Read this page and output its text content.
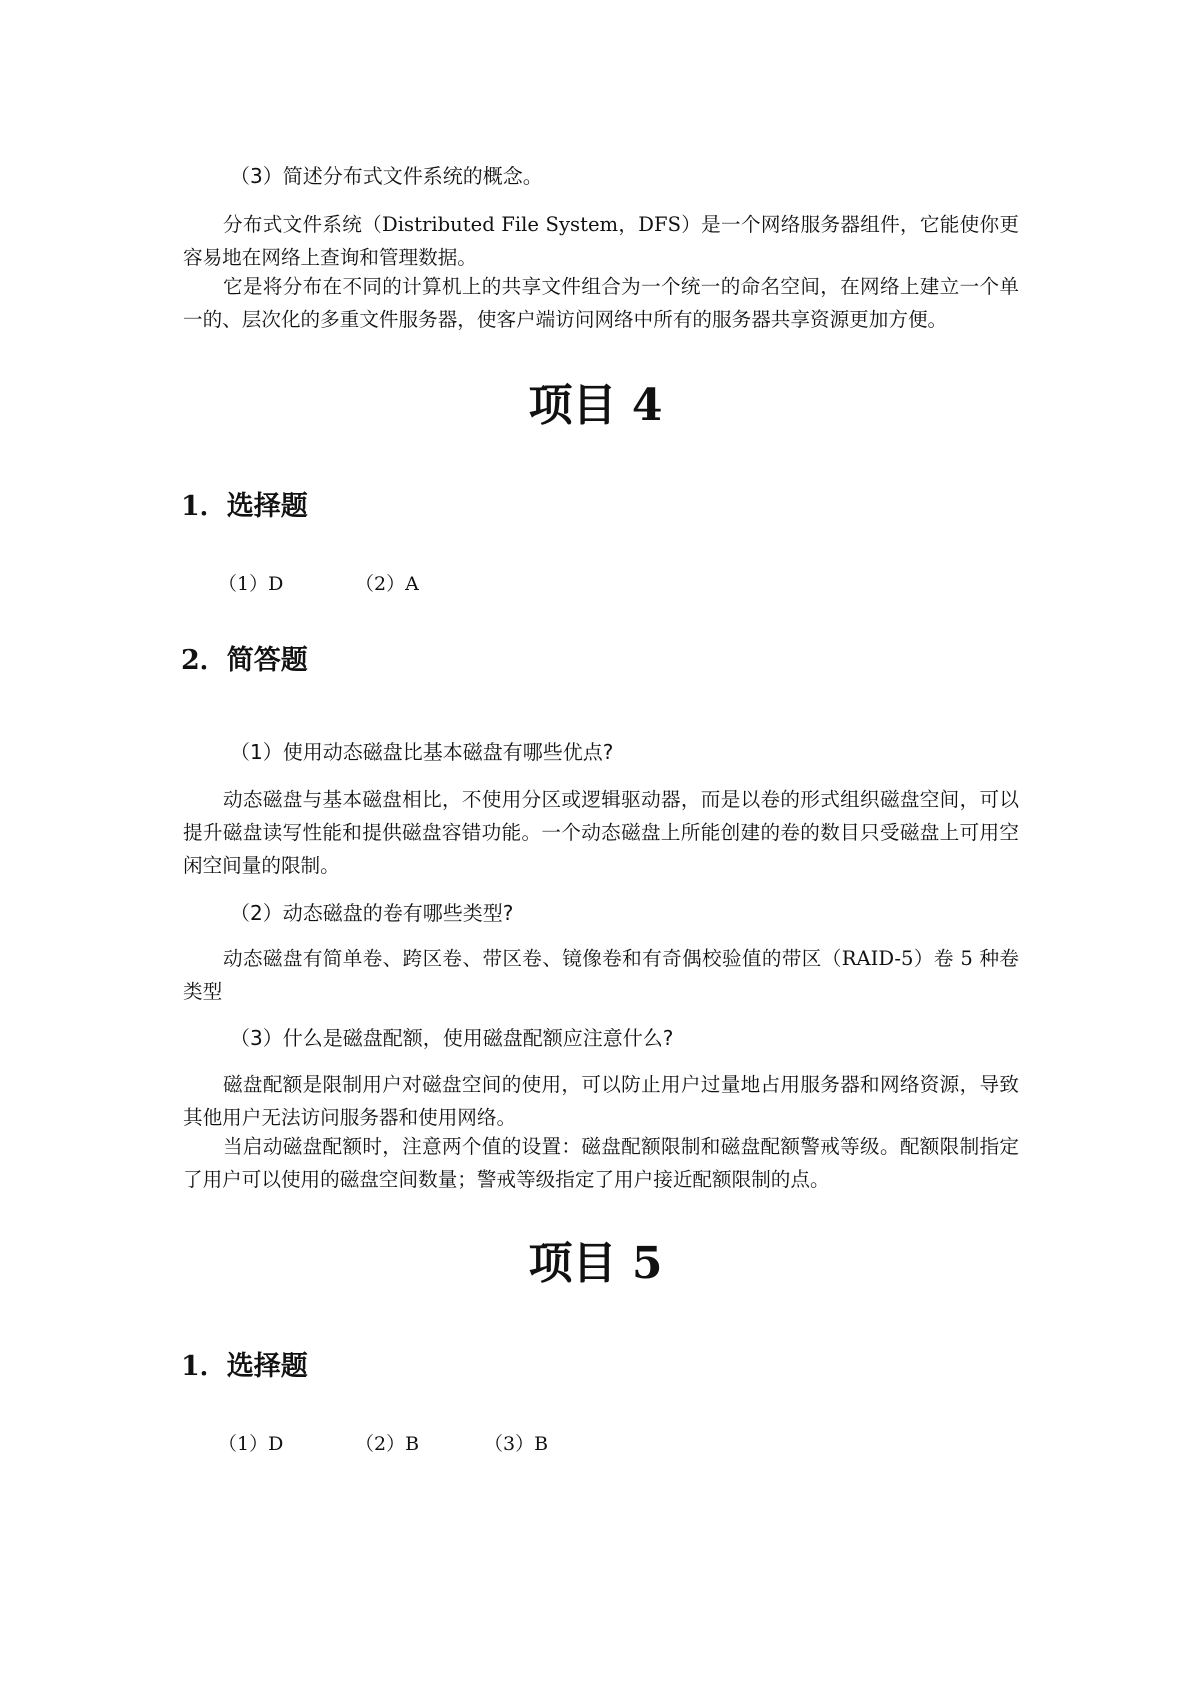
（3）简述分布式文件系统的概念。
分布式文件系统（Distributed File System，DFS）是一个网络服务器组件，它能使你更容易地在网络上查询和管理数据。
它是将分布在不同的计算机上的共享文件组合为一个统一的命名空间，在网络上建立一个单一的、层次化的多重文件服务器，使客户端访问网络中所有的服务器共享资源更加方便。
项目 4
1．选择题
（1）D	（2）A
2．简答题
（1）使用动态磁盘比基本磁盘有哪些优点?
动态磁盘与基本磁盘相比，不使用分区或逻辑驱动器，而是以卷的形式组织磁盘空间，可以提升磁盘读写性能和提供磁盘容错功能。一个动态磁盘上所能创建的卷的数目只受磁盘上可用空闲空间量的限制。
（2）动态磁盘的卷有哪些类型?
动态磁盘有简单卷、跨区卷、带区卷、镜像卷和有奇偶校验值的带区（RAID-5）卷 5 种卷类型
（3）什么是磁盘配额，使用磁盘配额应注意什么?
磁盘配额是限制用户对磁盘空间的使用，可以防止用户过量地占用服务器和网络资源，导致其他用户无法访问服务器和使用网络。
当启动磁盘配额时，注意两个值的设置：磁盘配额限制和磁盘配额警戒等级。配额限制指定了用户可以使用的磁盘空间数量；警戒等级指定了用户接近配额限制的点。
项目 5
1．选择题
（1）D	（2）B	（3）B
